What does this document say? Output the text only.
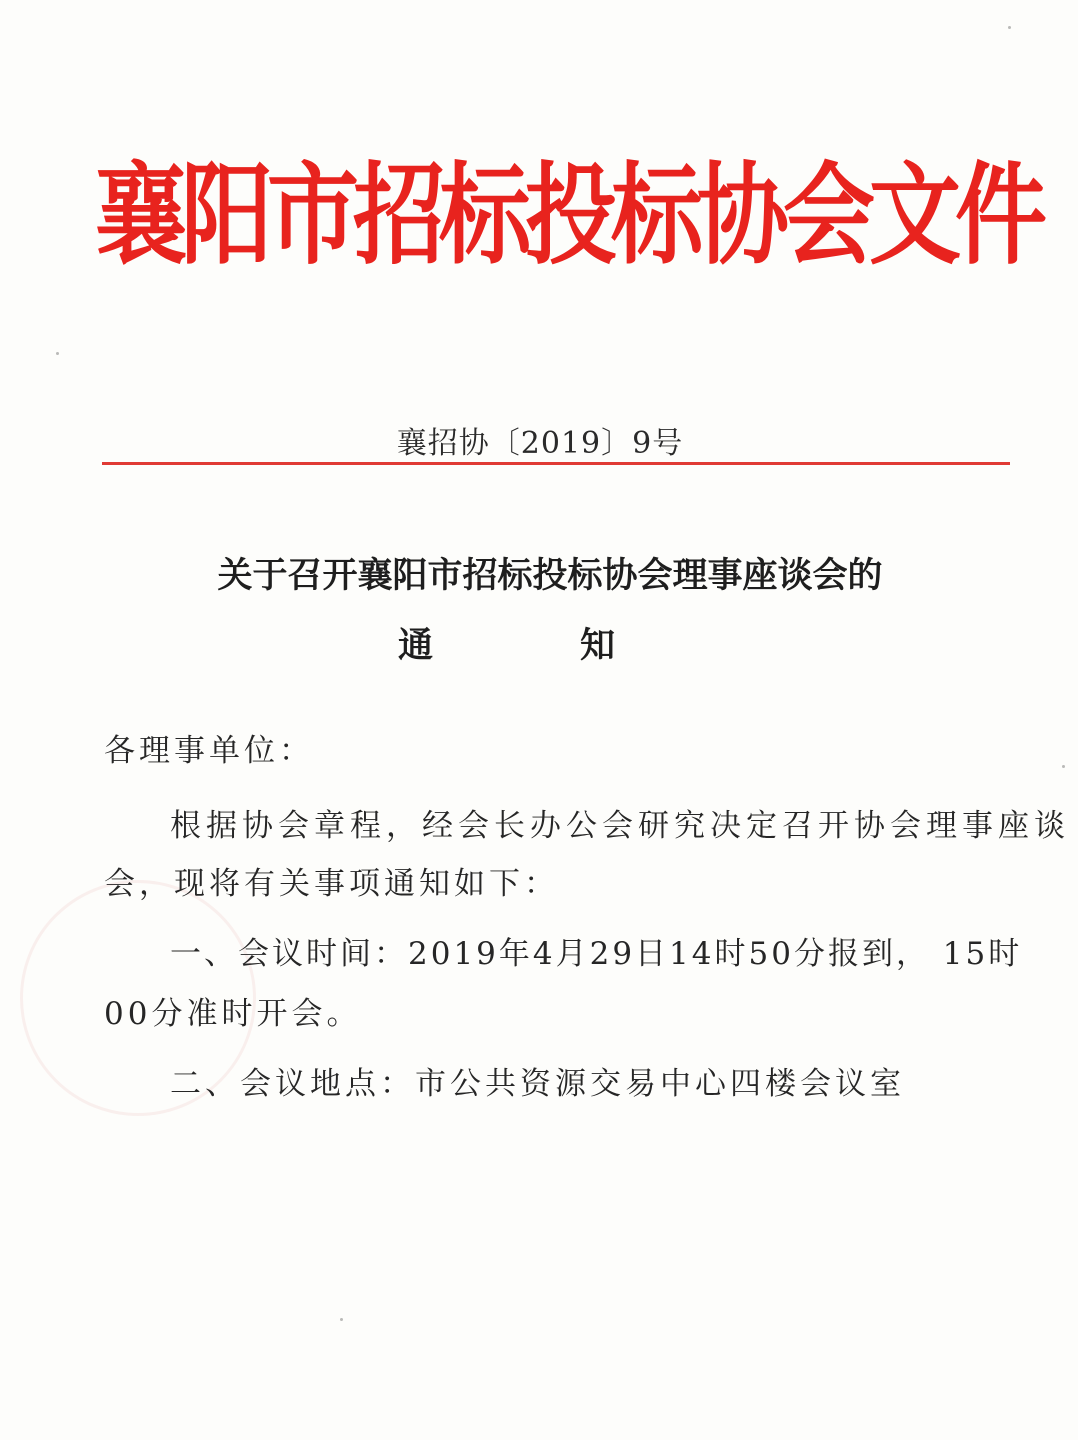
襄阳市招标投标协会文件
襄招协〔2019〕9号
关于召开襄阳市招标投标协会理事座谈会的
通	知
各理事单位：
根据协会章程，经会长办公会研究决定召开协会理事座谈
会，现将有关事项通知如下：
一、会议时间：2019年4月29日14时50分报到， 15时
00分准时开会。
二、会议地点：市公共资源交易中心四楼会议室
